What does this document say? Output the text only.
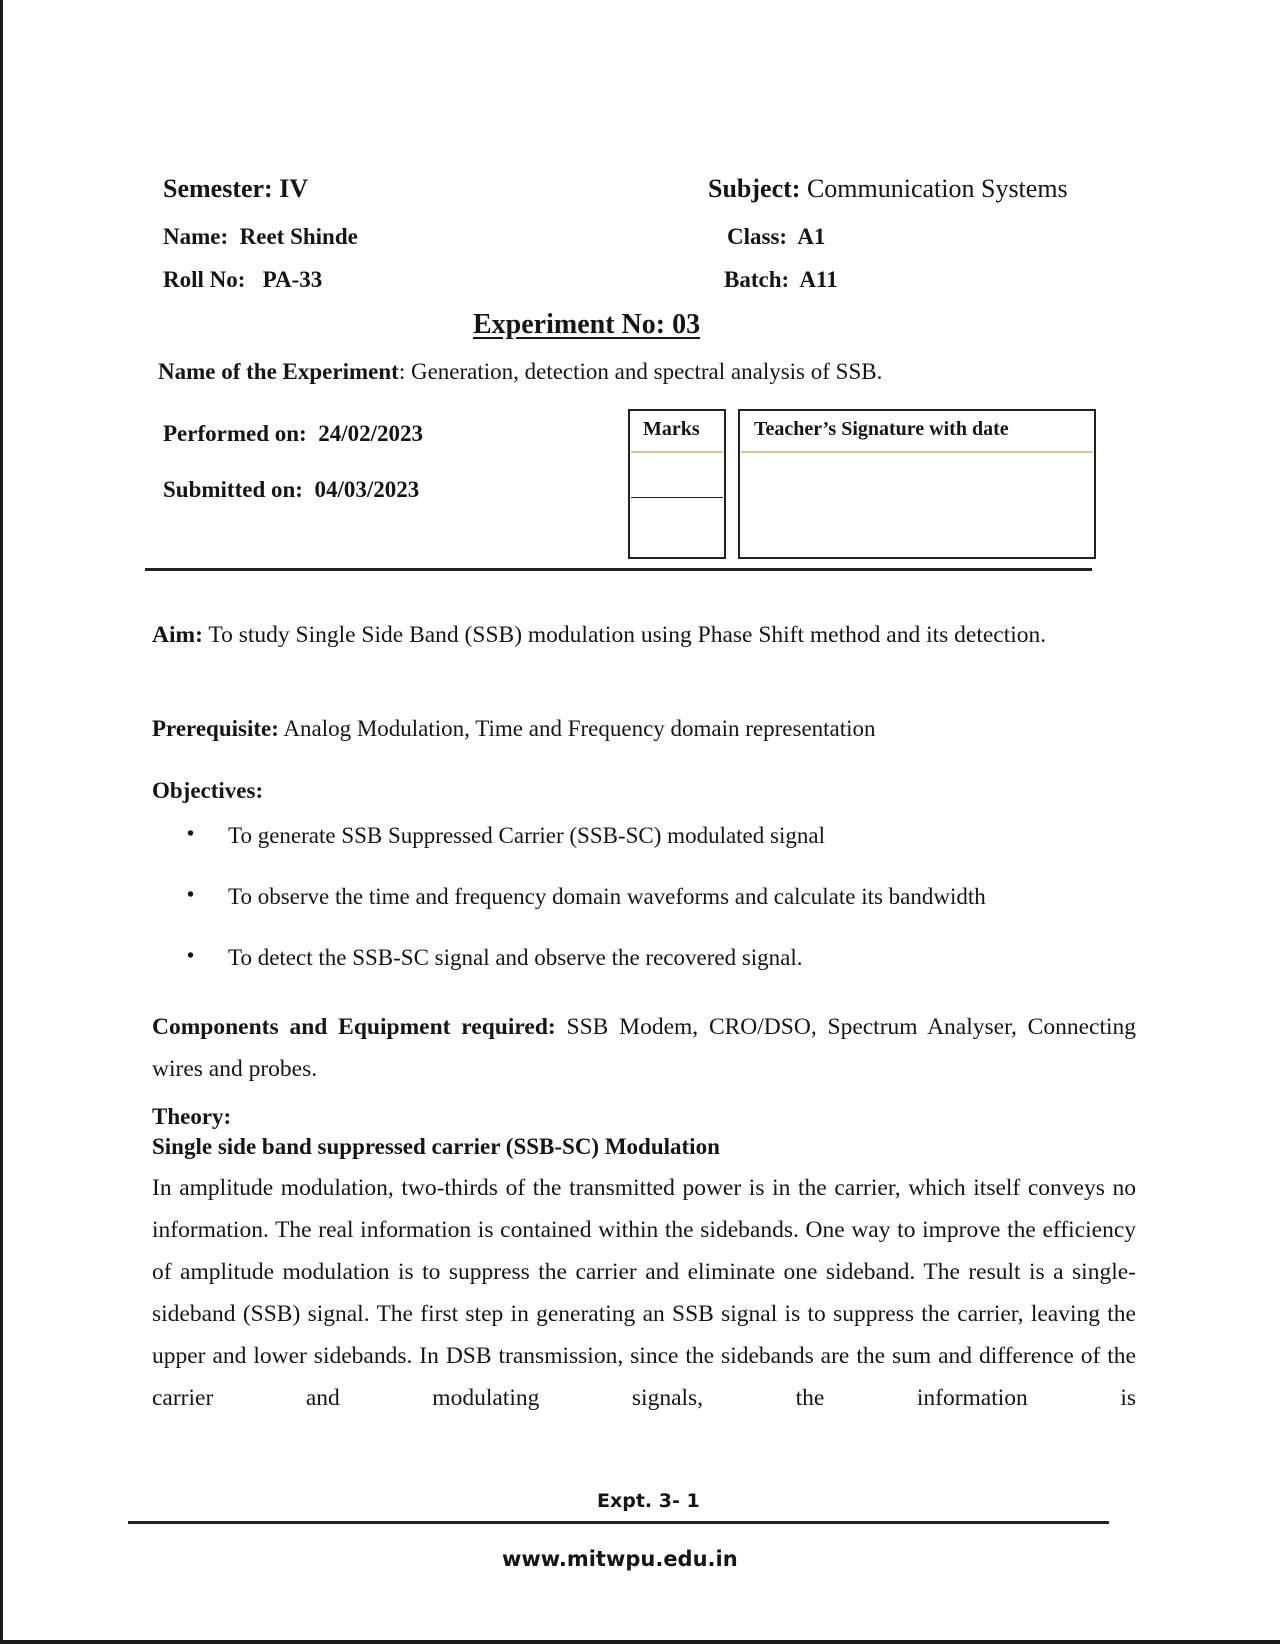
Semester: IV	Subject: Communication Systems
Name: Reet Shinde	Class: A1
Roll No: PA-33	Batch: A11
Experiment No: 03
Name of the Experiment: Generation, detection and spectral analysis of SSB.
Performed on: 24/02/2023
Submitted on: 04/03/2023
Marks	Teacher’s Signature with date
Aim: To study Single Side Band (SSB) modulation using Phase Shift method and its detection.
Prerequisite: Analog Modulation, Time and Frequency domain representation
Objectives:
• To generate SSB Suppressed Carrier (SSB-SC) modulated signal
• To observe the time and frequency domain waveforms and calculate its bandwidth
• To detect the SSB-SC signal and observe the recovered signal.
Components and Equipment required: SSB Modem, CRO/DSO, Spectrum Analyser, Connecting wires and probes.
Theory:
Single side band suppressed carrier (SSB-SC) Modulation
In amplitude modulation, two-thirds of the transmitted power is in the carrier, which itself conveys no information. The real information is contained within the sidebands. One way to improve the efficiency of amplitude modulation is to suppress the carrier and eliminate one sideband. The result is a single-sideband (SSB) signal. The first step in generating an SSB signal is to suppress the carrier, leaving the upper and lower sidebands. In DSB transmission, since the sidebands are the sum and difference of the carrier and modulating signals, the information is
Expt. 3- 1
www.mitwpu.edu.in
